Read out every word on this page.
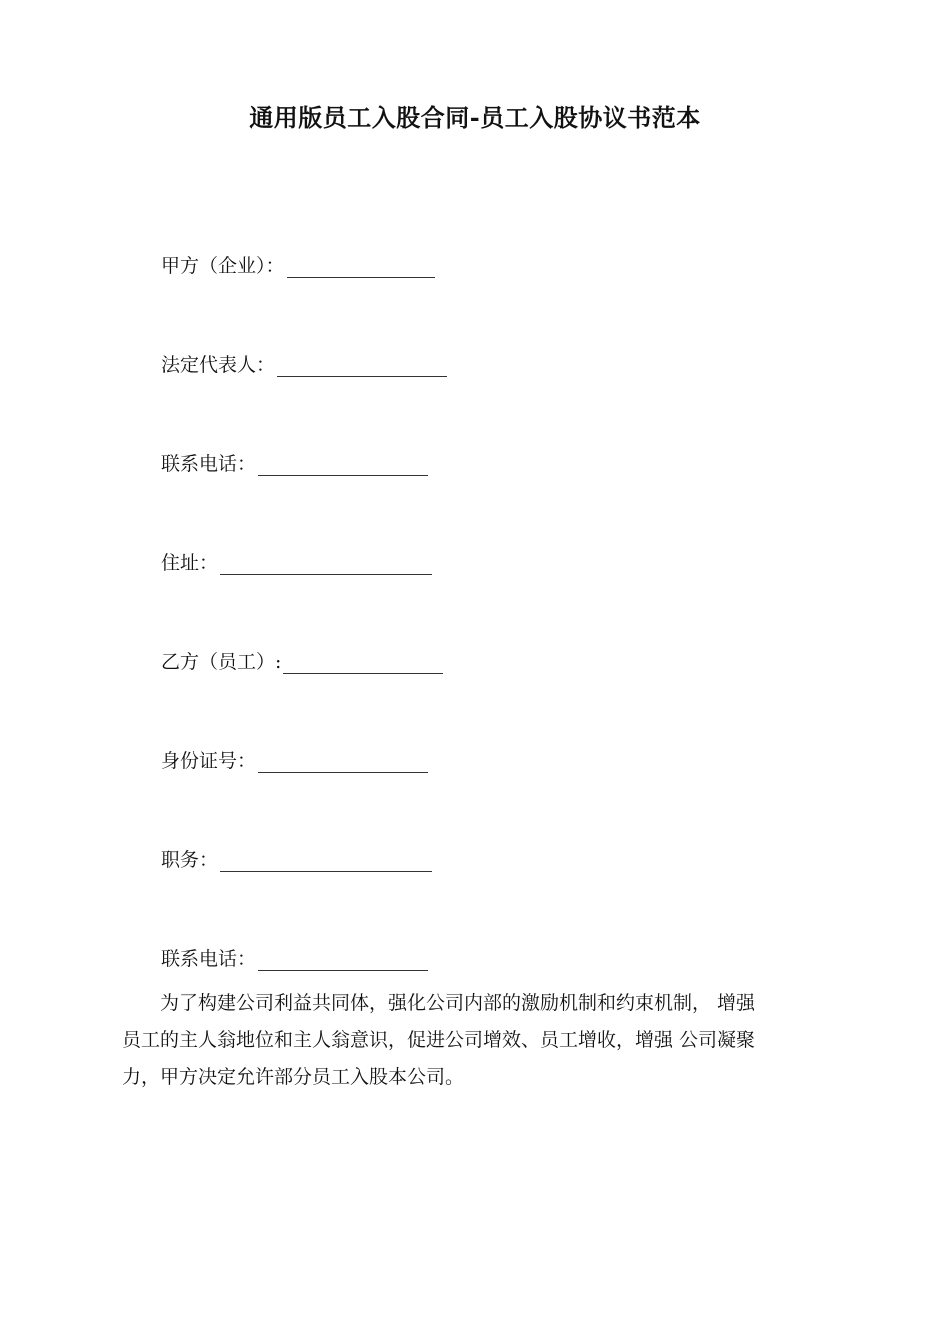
通用版员工入股合同-员工入股协议书范本
甲方（企业）：
法定代表人：
联系电话：
住址：
乙方（员工）:
身份证号：
职务：
联系电话：

为了构建公司利益共同体，强化公司内部的激励机制和约束机制， 增强
员工的主人翁地位和主人翁意识，促进公司增效、员工增收，增强 公司凝聚
力，甲方决定允许部分员工入股本公司。
